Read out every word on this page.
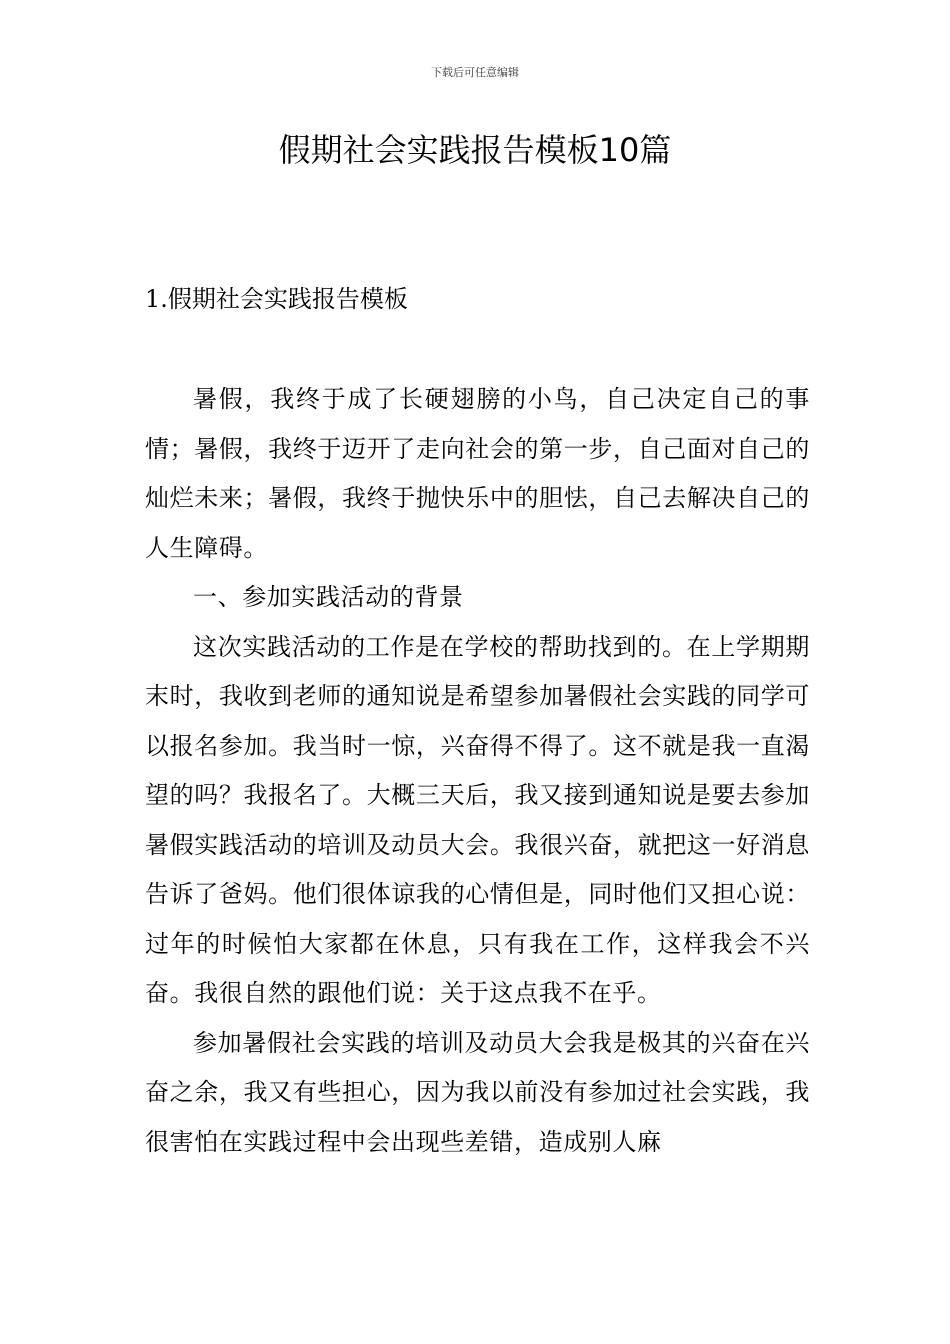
下载后可任意编辑
假期社会实践报告模板10篇
1.假期社会实践报告模板

暑假，我终于成了长硬翅膀的小鸟，自己决定自己的事情；暑假，我终于迈开了走向社会的第一步，自己面对自己的灿烂未来；暑假，我终于抛快乐中的胆怯，自己去解决自己的人生障碍。

一、参加实践活动的背景

这次实践活动的工作是在学校的帮助找到的。在上学期期末时，我收到老师的通知说是希望参加暑假社会实践的同学可以报名参加。我当时一惊，兴奋得不得了。这不就是我一直渴望的吗？我报名了。大概三天后，我又接到通知说是要去参加暑假实践活动的培训及动员大会。我很兴奋，就把这一好消息告诉了爸妈。他们很体谅我的心情但是，同时他们又担心说：过年的时候怕大家都在休息，只有我在工作，这样我会不兴奋。我很自然的跟他们说：关于这点我不在乎。

参加暑假社会实践的培训及动员大会我是极其的兴奋在兴奋之余，我又有些担心，因为我以前没有参加过社会实践，我很害怕在实践过程中会出现些差错，造成别人麻
